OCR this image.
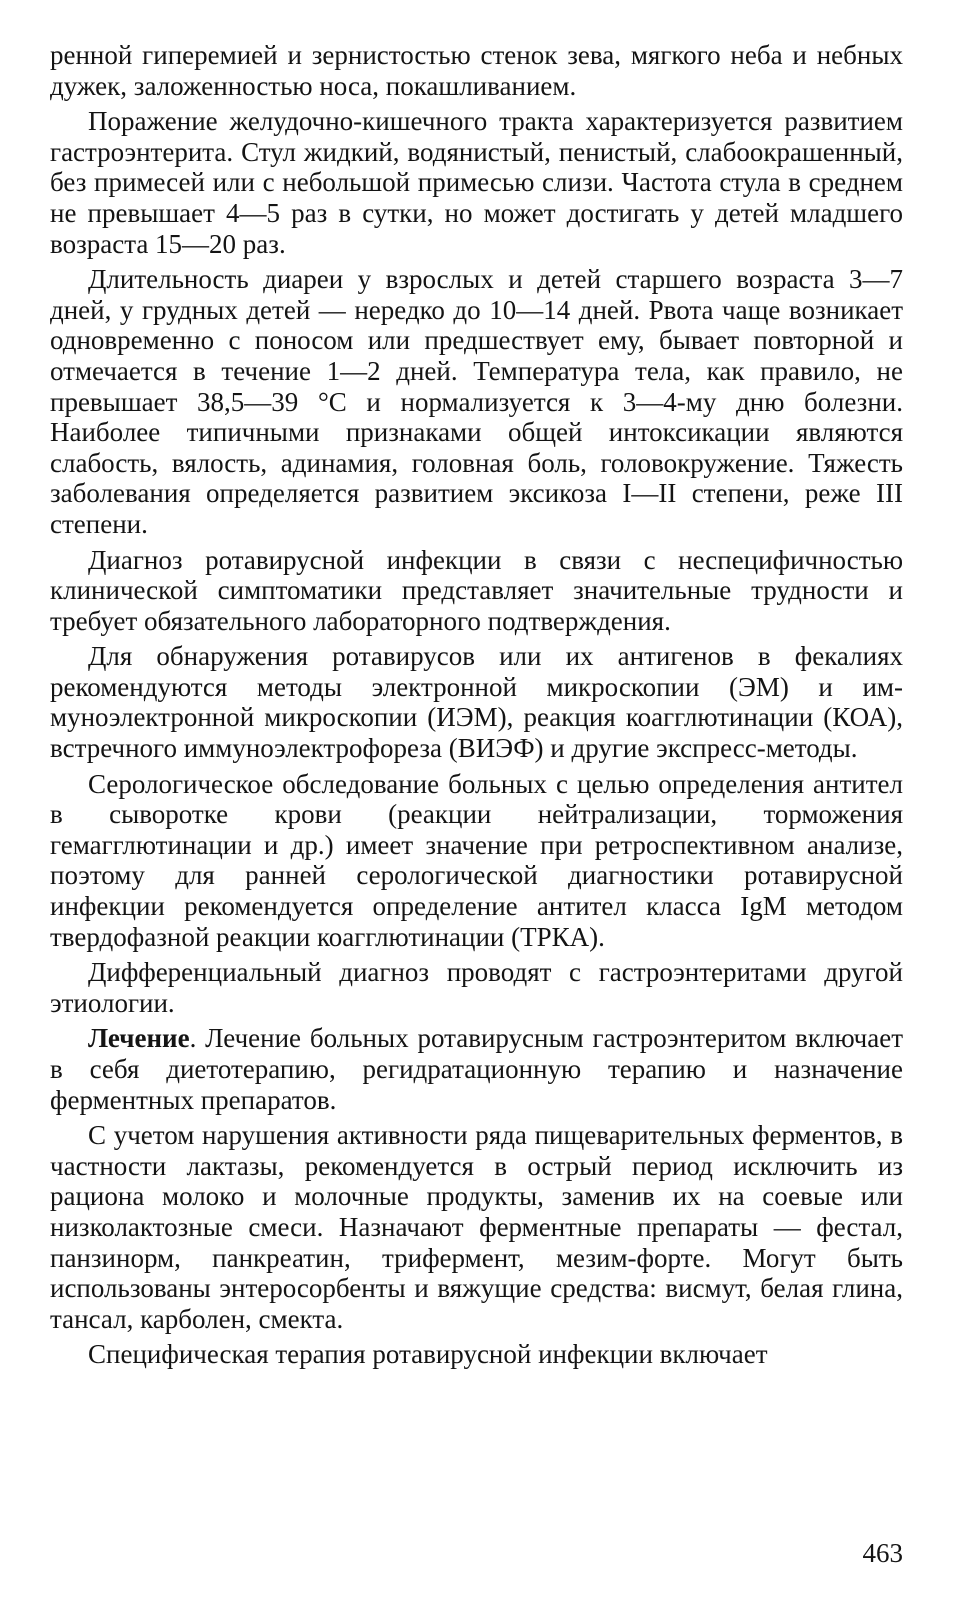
ренной гиперемией и зернистостью стенок зева, мягкого неба и небных дужек, заложенностью носа, покашливанием.

Поражение желудочно-кишечного тракта характеризуется развитием гастроэнтерита. Стул жидкий, водянистый, пенистый, слабоокрашенный, без примесей или с небольшой примесью слизи. Частота стула в среднем не превышает 4—5 раз в сутки, но может достигать у детей младшего возраста 15—20 раз.

Длительность диареи у взрослых и детей старшего возраста 3—7 дней, у грудных детей — нередко до 10—14 дней. Рвота чаще возникает одновременно с поносом или предшествует ему, бывает повторной и отмечается в течение 1—2 дней. Температура тела, как правило, не превышает 38,5—39 °С и нормализуется к 3—4-му дню болезни. Наиболее типичными признаками общей интоксикации являются слабость, вялость, адинамия, головная боль, головокружение. Тяжесть заболевания определяется развитием эксикоза I—II степени, реже III степени.

Диагноз ротавирусной инфекции в связи с неспецифичностью клинической симптоматики представляет значительные трудности и требует обязательного лабораторного подтверждения.

Для обнаружения ротавирусов или их антигенов в фекалиях рекомендуются методы электронной микроскопии (ЭМ) и иммуноэлектронной микроскопии (ИЭМ), реакция коагглютинации (КОА), встречного иммуноэлектрофореза (ВИЭФ) и другие экспресс-методы.

Серологическое обследование больных с целью определения антител в сыворотке крови (реакции нейтрализации, торможения гемагглютинации и др.) имеет значение при ретроспективном анализе, поэтому для ранней серологической диагностики ротавирусной инфекции рекомендуется определение антител класса IgM методом твердофазной реакции коагглютинации (ТРКА).

Дифференциальный диагноз проводят с гастроэнтеритами другой этиологии.

Лечение. Лечение больных ротавирусным гастроэнтеритом включает в себя диетотерапию, регидратационную терапию и назначение ферментных препаратов.

С учетом нарушения активности ряда пищеварительных ферментов, в частности лактазы, рекомендуется в острый период исключить из рациона молоко и молочные продукты, заменив их на соевые или низколактозные смеси. Назначают ферментные препараты — фестал, панзинорм, панкреатин, трифермент, мезим-форте. Могут быть использованы энтеросорбенты и вяжущие средства: висмут, белая глина, тансал, карболен, смекта.

Специфическая терапия ротавирусной инфекции включает

463
